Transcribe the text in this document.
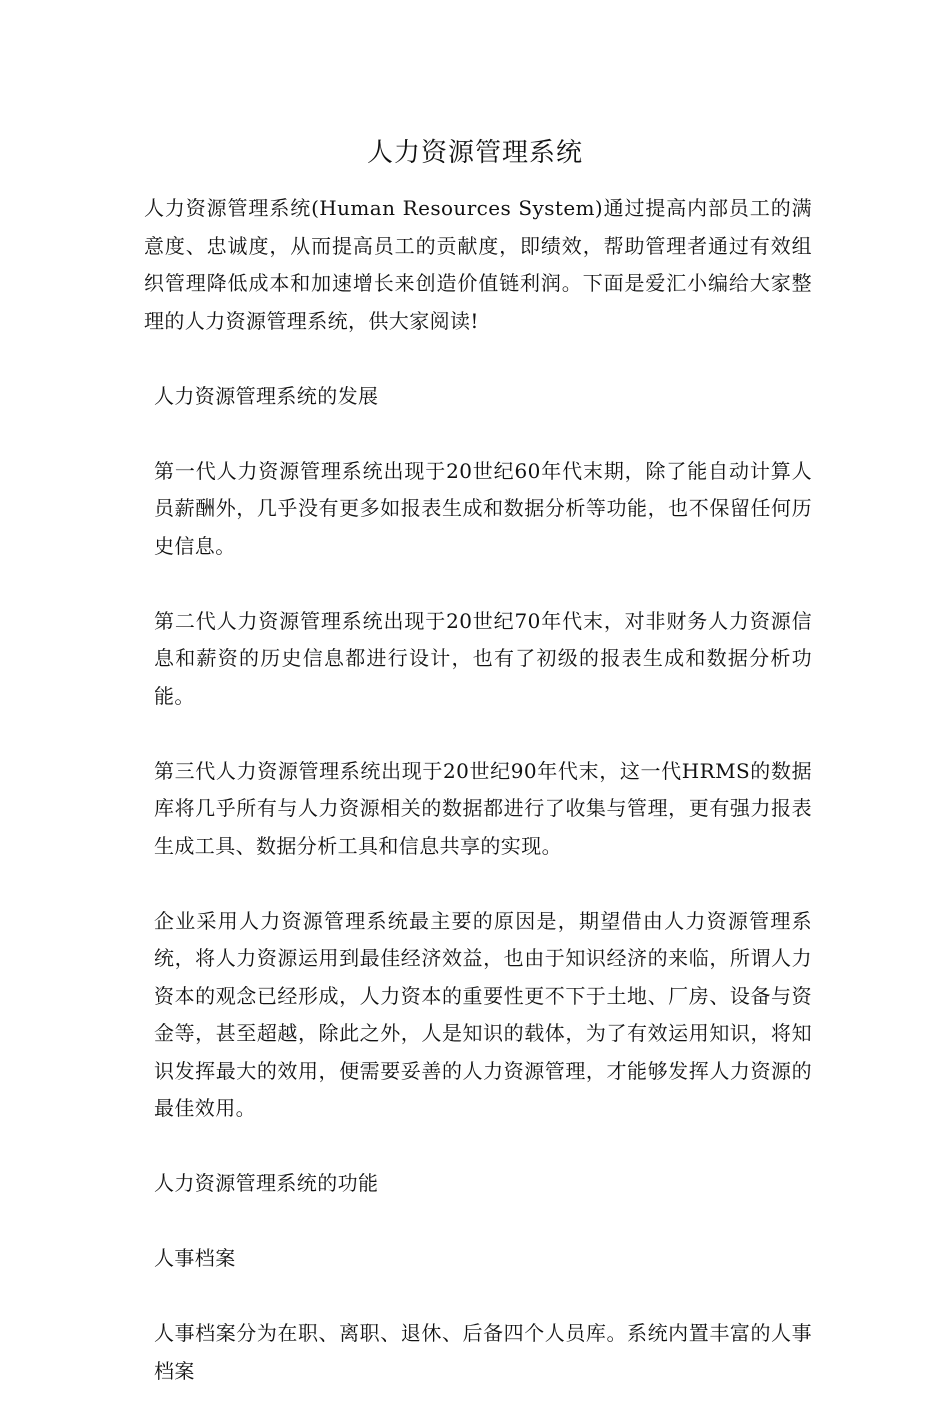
人力资源管理系统

人力资源管理系统(Human Resources System)通过提高内部员工的满意度、忠诚度，从而提高员工的贡献度，即绩效，帮助管理者通过有效组织管理降低成本和加速增长来创造价值链利润。下面是爱汇小编给大家整理的人力资源管理系统，供大家阅读!

人力资源管理系统的发展

第一代人力资源管理系统出现于20世纪60年代末期，除了能自动计算人员薪酬外，几乎没有更多如报表生成和数据分析等功能，也不保留任何历史信息。

第二代人力资源管理系统出现于20世纪70年代末，对非财务人力资源信息和薪资的历史信息都进行设计，也有了初级的报表生成和数据分析功能。

第三代人力资源管理系统出现于20世纪90年代末，这一代HRMS的数据库将几乎所有与人力资源相关的数据都进行了收集与管理，更有强力报表生成工具、数据分析工具和信息共享的实现。

企业采用人力资源管理系统最主要的原因是，期望借由人力资源管理系统，将人力资源运用到最佳经济效益，也由于知识经济的来临，所谓人力资本的观念已经形成，人力资本的重要性更不下于土地、厂房、设备与资金等，甚至超越，除此之外，人是知识的载体，为了有效运用知识，将知识发挥最大的效用，便需要妥善的人力资源管理，才能够发挥人力资源的最佳效用。

人力资源管理系统的功能

人事档案

人事档案分为在职、离职、退休、后备四个人员库。系统内置丰富的人事档案
